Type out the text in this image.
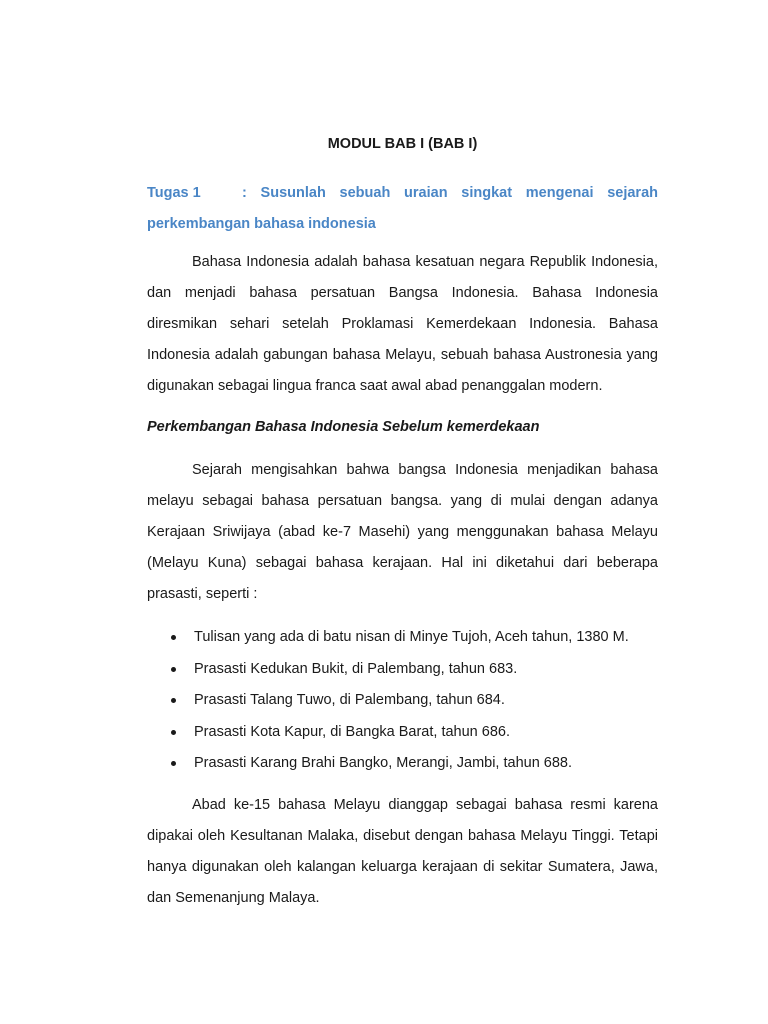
MODUL BAB I (BAB I)
Tugas 1	: Susunlah sebuah uraian singkat mengenai sejarah
perkembangan bahasa indonesia

Bahasa Indonesia adalah bahasa kesatuan negara Republik Indonesia, dan menjadi bahasa persatuan Bangsa Indonesia. Bahasa Indonesia diresmikan sehari setelah Proklamasi Kemerdekaan Indonesia. Bahasa Indonesia adalah gabungan bahasa Melayu, sebuah bahasa Austronesia yang digunakan sebagai lingua franca saat awal abad penanggalan modern.

Perkembangan Bahasa Indonesia Sebelum kemerdekaan

Sejarah mengisahkan bahwa bangsa Indonesia menjadikan bahasa melayu sebagai bahasa persatuan bangsa. yang di mulai dengan adanya Kerajaan Sriwijaya (abad ke-7 Masehi) yang menggunakan bahasa Melayu (Melayu Kuna) sebagai bahasa kerajaan. Hal ini diketahui dari beberapa prasasti, seperti :

Tulisan yang ada di batu nisan di Minye Tujoh, Aceh tahun, 1380 M.
Prasasti Kedukan Bukit, di Palembang, tahun 683.
Prasasti Talang Tuwo, di Palembang, tahun 684.
Prasasti Kota Kapur, di Bangka Barat, tahun 686.
Prasasti Karang Brahi Bangko, Merangi, Jambi, tahun 688.

Abad ke-15 bahasa Melayu dianggap sebagai bahasa resmi karena dipakai oleh Kesultanan Malaka, disebut dengan bahasa Melayu Tinggi. Tetapi hanya digunakan oleh kalangan keluarga kerajaan di sekitar Sumatera, Jawa, dan Semenanjung Malaya.
